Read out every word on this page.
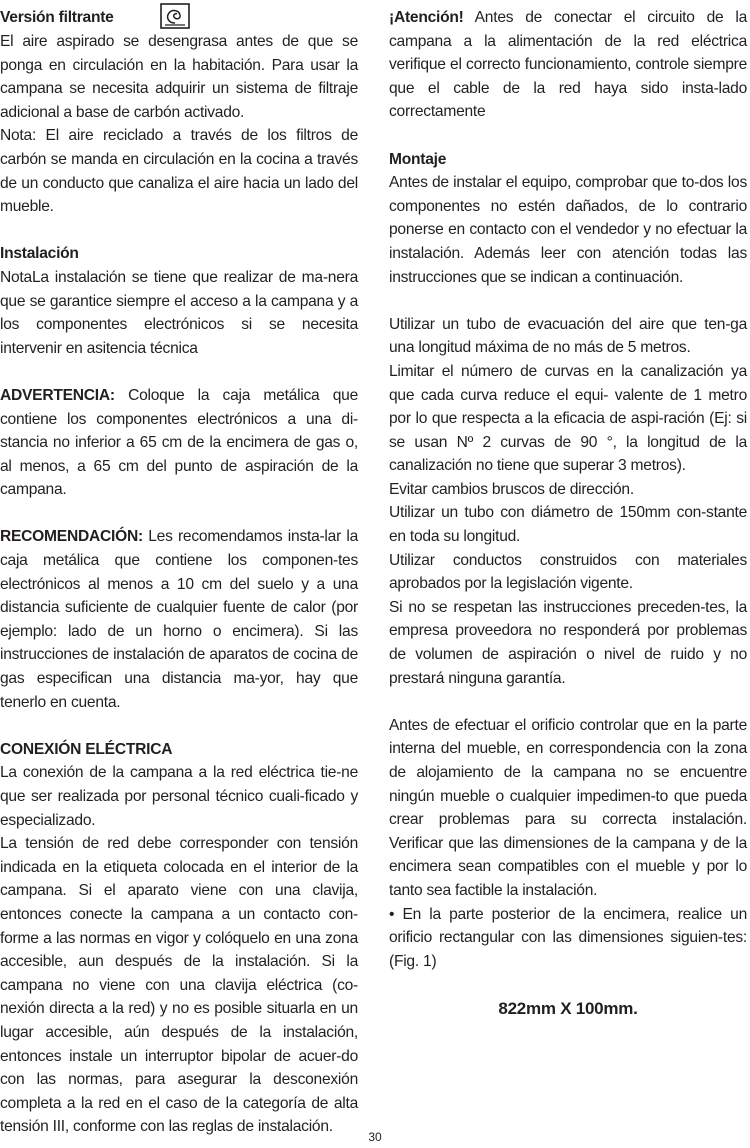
Versión filtrante

El aire aspirado se desengrasa antes de que se ponga en circulación en la habitación. Para usar la campana se necesita adquirir un sistema de filtraje adicional a base de carbón activado.

Nota: El aire reciclado a través de los filtros de carbón se manda en circulación en la cocina a través de un conducto que canaliza el aire hacia un lado del mueble.

Instalación

NotaLa instalación se tiene que realizar de ma-nera que se garantice siempre el acceso a la campana y a los componentes electrónicos si se necesita intervenir en asitencia técnica

ADVERTENCIA: Coloque la caja metálica que contiene los componentes electrónicos a una di-stancia no inferior a 65 cm de la encimera de gas o, al menos, a 65 cm del punto de aspiración de la campana.

RECOMENDACIÓN: Les recomendamos insta-lar la caja metálica que contiene los componen-tes electrónicos al menos a 10 cm del suelo y a una distancia suficiente de cualquier fuente de calor (por ejemplo: lado de un horno o encimera). Si las instrucciones de instalación de aparatos de cocina de gas especifican una distancia ma-yor, hay que tenerlo en cuenta.

CONEXIÓN ELÉCTRICA

La conexión de la campana a la red eléctrica tie-ne que ser realizada por personal técnico cuali-ficado y especializado.

La tensión de red debe corresponder con tensión indicada en la etiqueta colocada en el interior de la campana. Si el aparato viene con una clavija, entonces conecte la campana a un contacto con-forme a las normas en vigor y colóquelo en una zona accesible, aun después de la instalación. Si la campana no viene con una clavija eléctrica (co-nexión directa a la red) y no es posible situarla en un lugar accesible, aún después de la instalación, entonces instale un interruptor bipolar de acuer-do con las normas, para asegurar la desconexión completa a la red en el caso de la categoría de alta tensión III, conforme con las reglas de instalación.

¡Atención! Antes de conectar el circuito de la campana a la alimentación de la red eléctrica verifique el correcto funcionamiento, controle siempre que el cable de la red haya sido insta-lado correctamente

Montaje

Antes de instalar el equipo, comprobar que to-dos los componentes no estén dañados, de lo contrario ponerse en contacto con el vendedor y no efectuar la instalación. Además leer con atención todas las instrucciones que se indican a continuación.

Utilizar un tubo de evacuación del aire que ten-ga una longitud máxima de no más de 5 metros.

Limitar el número de curvas en la canalización ya que cada curva reduce el equi- valente de 1 metro por lo que respecta a la eficacia de aspi-ración (Ej: si se usan Nº 2 curvas de 90 °, la longitud de la canalización no tiene que superar 3 metros).

Evitar cambios bruscos de dirección.

Utilizar un tubo con diámetro de 150mm con-stante en toda su longitud.

Utilizar conductos construidos con materiales aprobados por la legislación vigente.

Si no se respetan las instrucciones preceden-tes, la empresa proveedora no responderá por problemas de volumen de aspiración o nivel de ruido y no prestará ninguna garantía.

Antes de efectuar el orificio controlar que en la parte interna del mueble, en correspondencia con la zona de alojamiento de la campana no se encuentre ningún mueble o cualquier impedimen-to que pueda crear problemas para su correcta instalación. Verificar que las dimensiones de la campana y de la encimera sean compatibles con el mueble y por lo tanto sea factible la instalación.

• En la parte posterior de la encimera, realice un orificio rectangular con las dimensiones siguien-tes: (Fig. 1)

822mm X 100mm.

30
